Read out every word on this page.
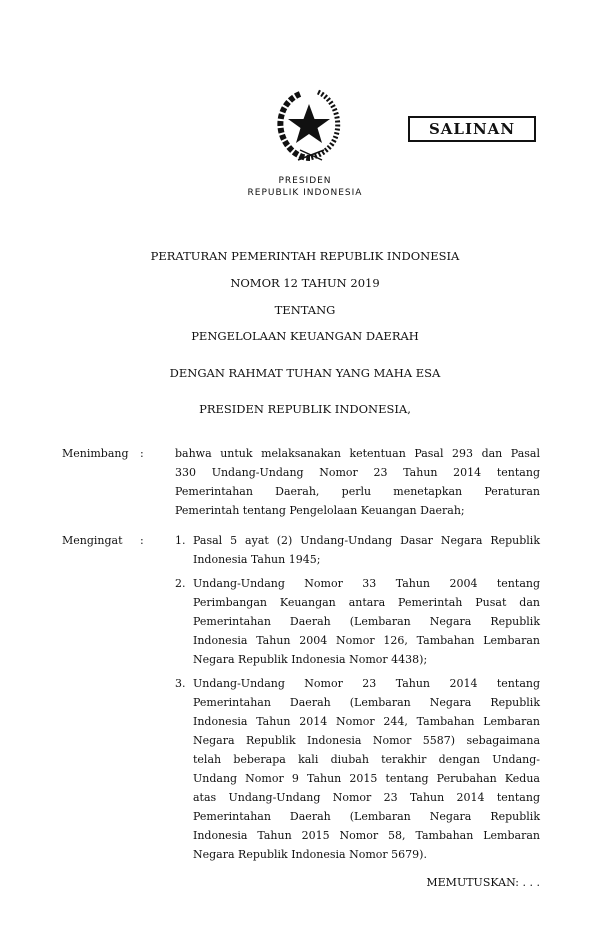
SALINAN
PRESIDEN
REPUBLIK INDONESIA
PERATURAN PEMERINTAH REPUBLIK INDONESIA
NOMOR 12 TAHUN 2019
TENTANG
PENGELOLAAN KEUANGAN DAERAH
DENGAN RAHMAT TUHAN YANG MAHA ESA
PRESIDEN REPUBLIK INDONESIA,
Menimbang :	bahwa untuk melaksanakan ketentuan Pasal 293 dan Pasal
330 Undang-Undang Nomor 23 Tahun 2014 tentang
Pemerintahan Daerah, perlu menetapkan Peraturan
Pemerintah tentang Pengelolaan Keuangan Daerah;
Mengingat :	1. Pasal 5 ayat (2) Undang-Undang Dasar Negara Republik
Indonesia Tahun 1945;
2. Undang-Undang Nomor 33 Tahun 2004 tentang
Perimbangan Keuangan antara Pemerintah Pusat dan
Pemerintahan Daerah (Lembaran Negara Republik
Indonesia Tahun 2004 Nomor 126, Tambahan Lembaran
Negara Republik Indonesia Nomor 4438);
3. Undang-Undang Nomor 23 Tahun 2014 tentang
Pemerintahan Daerah (Lembaran Negara Republik
Indonesia Tahun 2014 Nomor 244, Tambahan Lembaran
Negara Republik Indonesia Nomor 5587) sebagaimana
telah beberapa kali diubah terakhir dengan Undang-
Undang Nomor 9 Tahun 2015 tentang Perubahan Kedua
atas Undang-Undang Nomor 23 Tahun 2014 tentang
Pemerintahan Daerah (Lembaran Negara Republik
Indonesia Tahun 2015 Nomor 58, Tambahan Lembaran
Negara Republik Indonesia Nomor 5679).
MEMUTUSKAN: . . .
